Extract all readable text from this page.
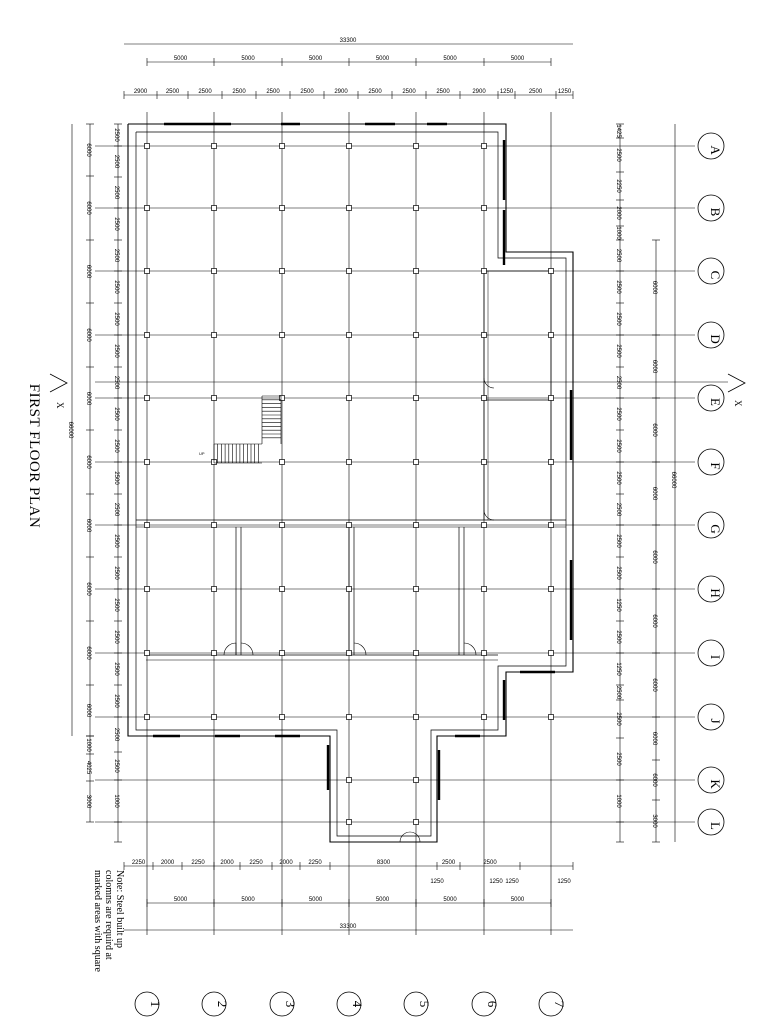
33300
5000	5000	5000	5000	5000	5000
2900	2500	2500	2500	2500	2500	2900	2500	2500	2500	2900 1250	2500	1250
2250	2000	2250	2000	2250	2000	2250	8300	2500	2500
1250	1250 1250	1250
5000	5000	5000	5000	5000	5000
33300
66000
6000
6000
6000
6000
6000
6000
6000
6000
6000
6000
1000
4025
3000
2500
2500
2500
2500
2500
2500
2500
2500
2500
2500
2500
2500
2500
2500
2500
2500
2500
2500
2500
2500
2500
1000
1425
2500
2250
2000
1000
2500
2500
2500
2500
2500
2500
2500
2500
2500
2500
2500
1250
2500
1250
2500
2500
2500
1000
6000
6000
6000
6000
6000
6000
6000
6000
6000
3000
66000
A
B
C
D
E
F
G
H
I
J
K
L
1	2	3	4	5	6	7
UP
FIRST FLOOR PLAN X	X
Note: Steel built up
colomns are requird at
marked areas with square
